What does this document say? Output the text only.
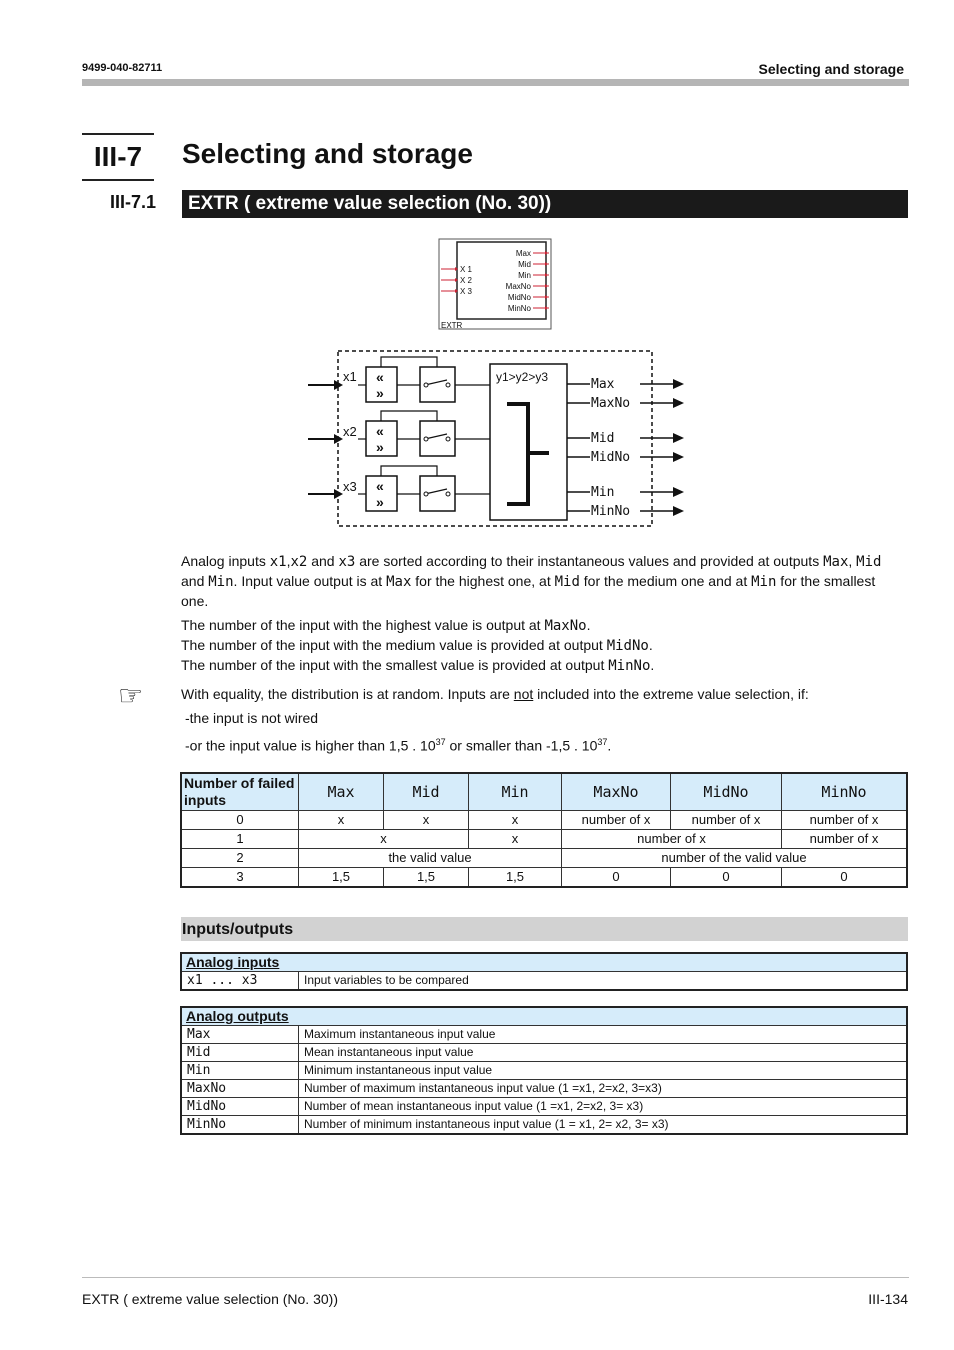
9499-040-82711	Selecting and storage
III-7	Selecting and storage
III-7.1	EXTR ( extreme value selection (No. 30))
X 1
X 2
X 3
Max
Mid
Min
MaxNo
MidNo
MinNo
EXTR
x1
x2
x3
«
»
«
»
«
»
y1>y2>y3	Max
MaxNo
Mid
MidNo
Min
MinNo
Analog inputs x1,x2 and x3 are sorted according to their instantaneous values and provided at outputs Max, Mid and Min. Input value output is at Max for the highest one, at Mid for the medium one and at Min for the smallest one.
The number of the input with the highest value is output at MaxNo.
The number of the input with the medium value is provided at output MidNo.
The number of the input with the smallest value is provided at output MinNo.
☞	With equality, the distribution is at random. Inputs are not included into the extreme value selection, if:
-the input is not wired
-or the input value is higher than 1,5 . $10^{37}$ or smaller than -1,5 . $10^{37}$.
Number of failed inputs	Max	Mid	Min	MaxNo	MidNo	MinNo
0	x	x	x	number of x	number of x	number of x
1	x		x	number of x		number of x
2	the valid value			number of the valid value		
3	1,5	1,5	1,5	0	0	0
Inputs/outputs
Analog inputs
x1 ... x3	Input variables to be compared
Analog outputs	
Max	Maximum instantaneous input value
Mid	Mean instantaneous input value
Min	Minimum instantaneous input value
MaxNo	Number of maximum instantaneous input value (1 =x1, 2=x2, 3=x3)
MidNo	Number of mean instantaneous input value (1 =x1, 2=x2, 3= x3)
MinNo	Number of minimum instantaneous input value (1 = x1, 2= x2, 3= x3)
EXTR ( extreme value selection (No. 30))	III-134
